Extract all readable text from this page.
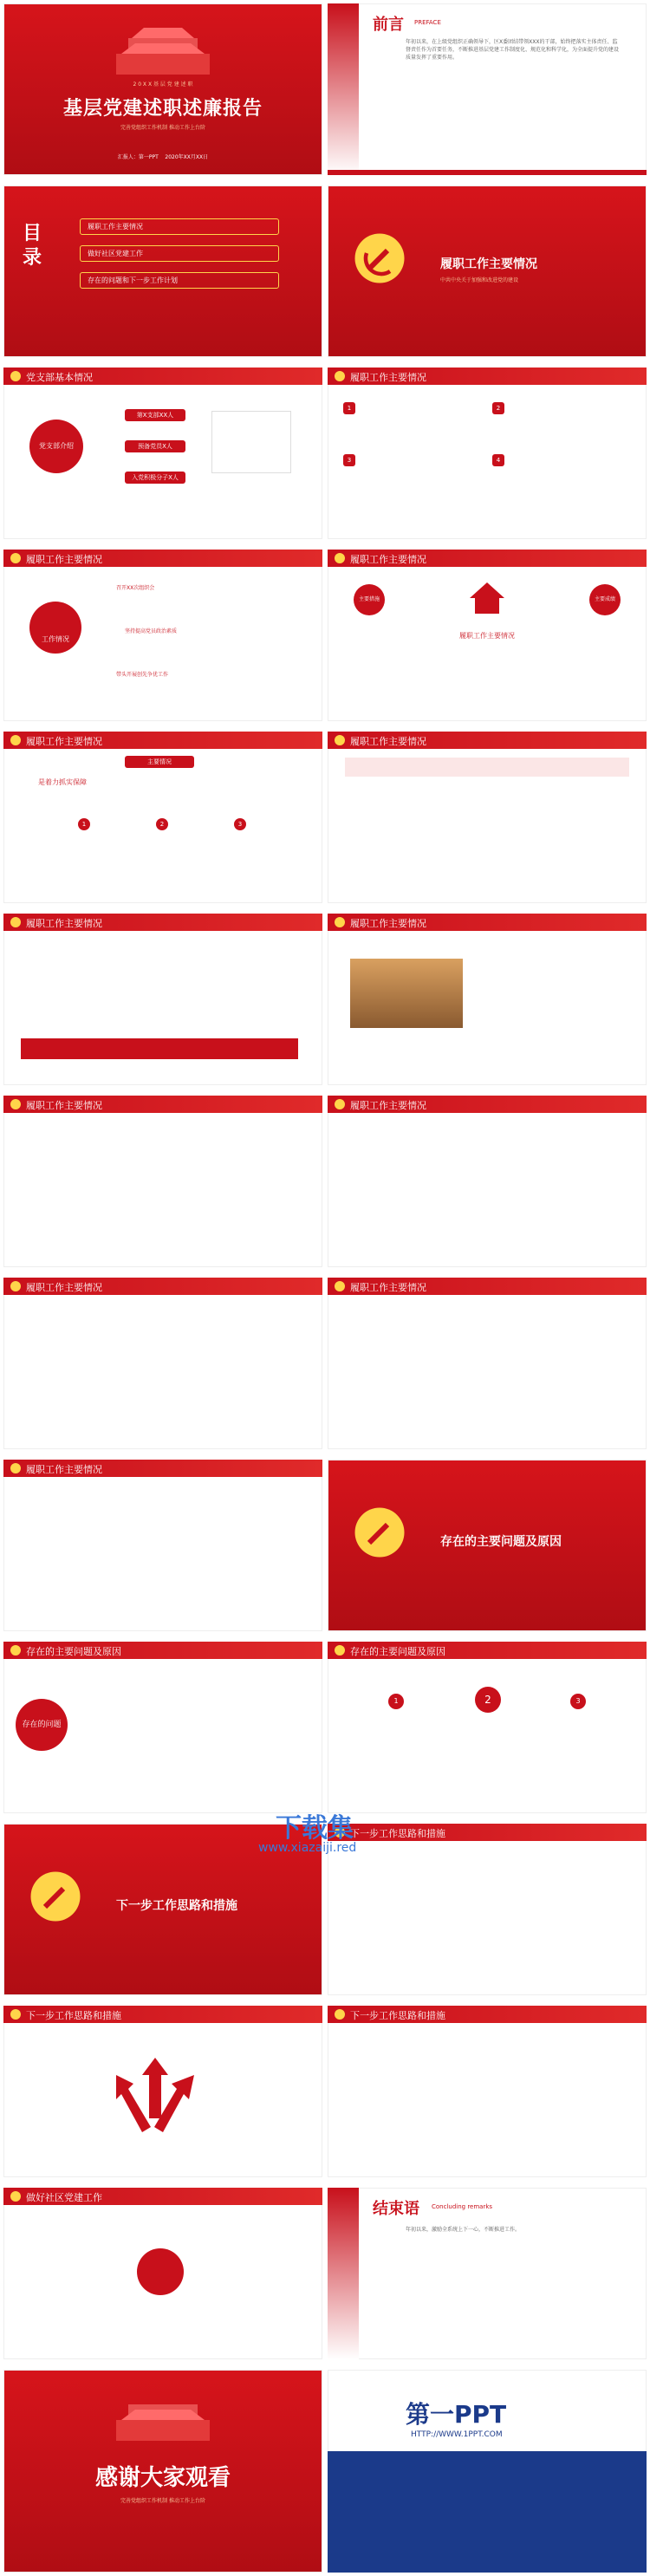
2 0 X X 基 层 党 建 述 职
基层党建述职述廉报告
完善党组织工作机制 推动工作上台阶
汇报人：第一PPT 2020年XX月XX日
前言 PREFACE
年初以来，在上级党组织正确领导下，区X委团结带领XXX的干部，始终把落实主体责任、监督责任作为首要任务，不断推进基层党建工作制度化、规范化和科学化，为全面提升党的建设质量发挥了重要作用。
目录
履职工作主要情况
做好社区党建工作
存在的问题和下一步工作计划
履职工作主要情况
中共中央关于加强和改进党的建设
党支部基本情况
党支部介绍
第X支部XX人
预备党员X人
入党积极分子X人
履职工作主要情况
1	2
3	4
履职工作主要情况
工作情况
召开XX次组织会
坚持提高党员政治素质
带头开展创先争优工作
履职工作主要情况
主要措施	主要成绩
履职工作主要情况
履职工作主要情况
主要情况
是着力抓实保障
1	2	3
履职工作主要情况
履职工作主要情况	履职工作主要情况
履职工作主要情况	履职工作主要情况
履职工作主要情况	履职工作主要情况
履职工作主要情况
存在的主要问题及原因
存在的主要问题及原因
存在的问题
存在的主要问题及原因
1	2	3
下一步工作思路和措施
下一步工作思路和措施
下载集
www.xiazaiji.red
下一步工作思路和措施	下一步工作思路和措施
做好社区党建工作
结束语 Concluding remarks
年初以来，激励全系统上下一心，不断推进工作。
感谢大家观看
完善党组织工作机制 推动工作上台阶
第一PPT
HTTP://WWW.1PPT.COM
